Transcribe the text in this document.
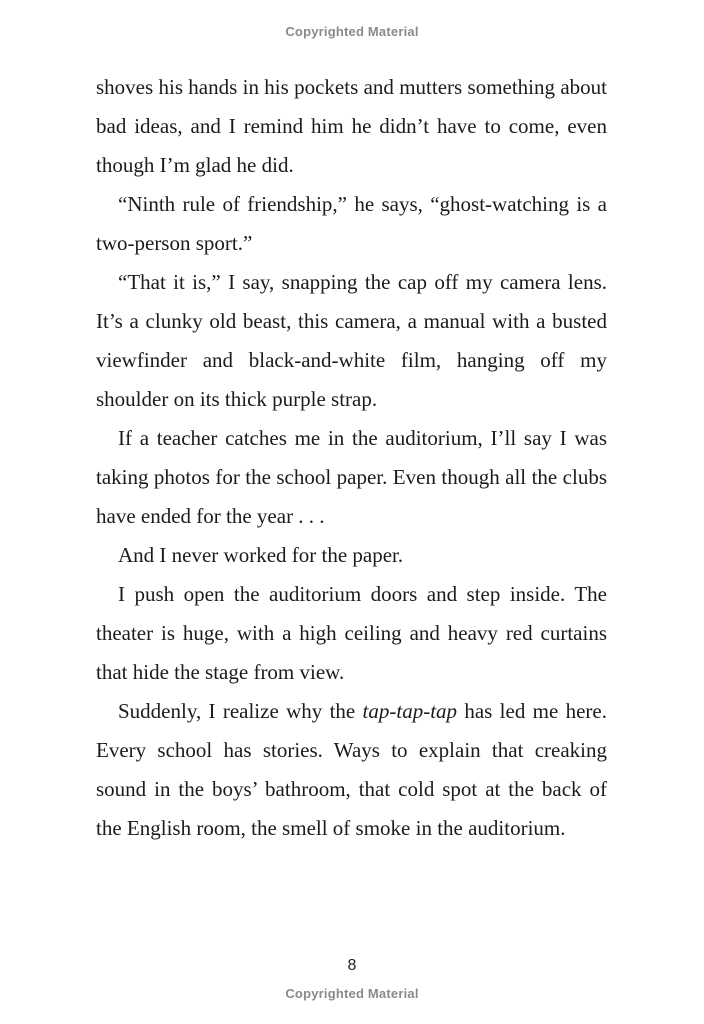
Copyrighted Material

shoves his hands in his pockets and mutters something about bad ideas, and I remind him he didn’t have to come, even though I’m glad he did.

“Ninth rule of friendship,” he says, “ghost-watching is a two-person sport.”

“That it is,” I say, snapping the cap off my camera lens. It’s a clunky old beast, this camera, a manual with a busted viewfinder and black-and-white film, hanging off my shoulder on its thick purple strap.

If a teacher catches me in the auditorium, I’ll say I was taking photos for the school paper. Even though all the clubs have ended for the year . . .

And I never worked for the paper.

I push open the auditorium doors and step inside. The theater is huge, with a high ceiling and heavy red curtains that hide the stage from view.

Suddenly, I realize why the tap-tap-tap has led me here. Every school has stories. Ways to explain that creaking sound in the boys’ bathroom, that cold spot at the back of the English room, the smell of smoke in the auditorium.

8
Copyrighted Material
